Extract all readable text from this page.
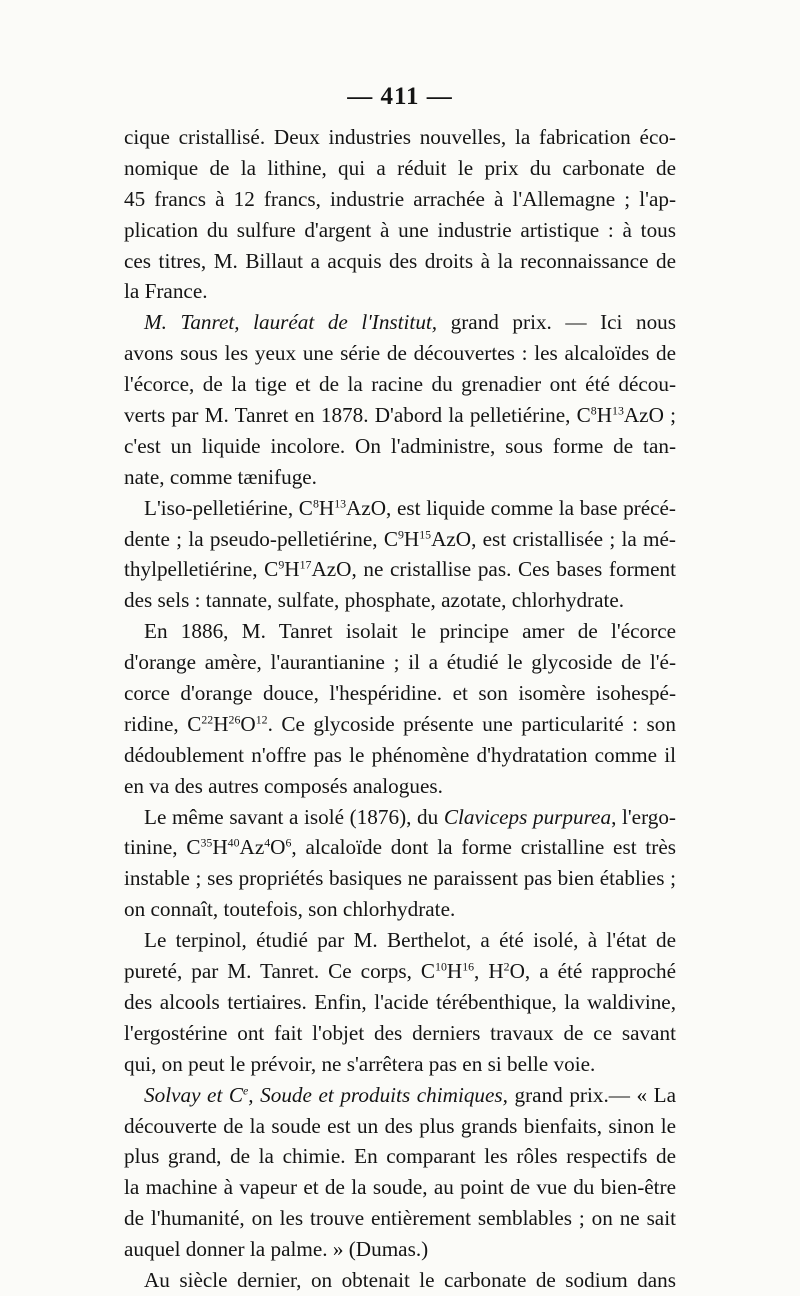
— 411 —
cique cristallisé. Deux industries nouvelles, la fabrication éco-
nomique de la lithine, qui a réduit le prix du carbonate de
45 francs à 12 francs, industrie arrachée à l'Allemagne ; l'ap-
plication du sulfure d'argent à une industrie artistique : à tous
ces titres, M. Billaut a acquis des droits à la reconnaissance de
la France.
M. Tanret, lauréat de l'Institut, grand prix. — Ici nous
avons sous les yeux une série de découvertes : les alcaloïdes de
l'écorce, de la tige et de la racine du grenadier ont été décou-
verts par M. Tanret en 1878. D'abord la pelletiérine, $C^8H^{13}AzO$ ;
c'est un liquide incolore. On l'administre, sous forme de tan-
nate, comme tænifuge.
L'iso-pelletiérine, $C^8H^{13}AzO$, est liquide comme la base précé-
dente ; la pseudo-pelletiérine, $C^9H^{15}AzO$, est cristallisée ; la mé-
thylpelletiérine, $C^9H^{17}AzO$, ne cristallise pas. Ces bases forment
des sels : tannate, sulfate, phosphate, azotate, chlorhydrate.
En 1886, M. Tanret isolait le principe amer de l'écorce
d'orange amère, l'aurantianine ; il a étudié le glycoside de l'é-
corce d'orange douce, l'hespéridine. et son isomère isohespé-
ridine, $C^{22}H^{26}O^{12}$. Ce glycoside présente une particularité : son
dédoublement n'offre pas le phénomène d'hydratation comme il
en va des autres composés analogues.
Le même savant a isolé (1876), du Claviceps purpurea, l'ergo-
tinine, $C^{35}H^{40}Az^4O^6$, alcaloïde dont la forme cristalline est très
instable ; ses propriétés basiques ne paraissent pas bien établies ;
on connaît, toutefois, son chlorhydrate.
Le terpinol, étudié par M. Berthelot, a été isolé, à l'état de
pureté, par M. Tanret. Ce corps, $C^{10}H^{16}$, $H^2O$, a été rapproché
des alcools tertiaires. Enfin, l'acide térébenthique, la waldivine,
l'ergostérine ont fait l'objet des derniers travaux de ce savant
qui, on peut le prévoir, ne s'arrêtera pas en si belle voie.
Solvay et Ce, Soude et produits chimiques, grand prix.— « La
découverte de la soude est un des plus grands bienfaits, sinon le
plus grand, de la chimie. En comparant les rôles respectifs de
la machine à vapeur et de la soude, au point de vue du bien-être
de l'humanité, on les trouve entièrement semblables ; on ne sait
auquel donner la palme. » (Dumas.)
Au siècle dernier, on obtenait le carbonate de sodium dans
